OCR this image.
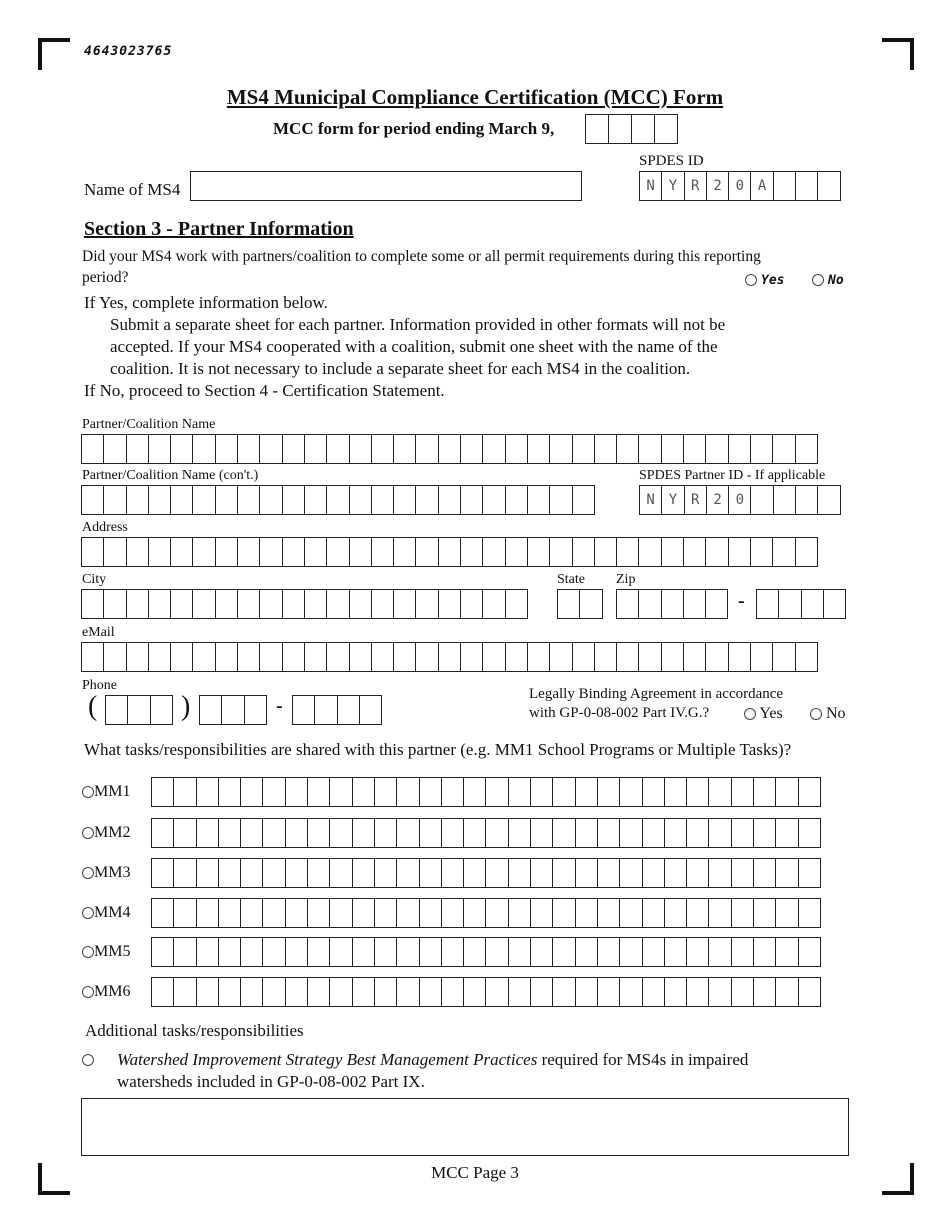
4643023765
MS4 Municipal Compliance Certification (MCC) Form
MCC form for period ending March 9,
SPDES ID
N Y R 2 0 A
Name of MS4
Section 3 - Partner Information
Did your MS4 work with partners/coalition to complete some or all permit requirements during this reporting
period?	Yes	No
If Yes, complete information below.
Submit a separate sheet for each partner. Information provided in other formats will not be
accepted. If your MS4 cooperated with a coalition, submit one sheet with the name of the
coalition. It is not necessary to include a separate sheet for each MS4 in the coalition.
If No, proceed to Section 4 - Certification Statement.
Partner/Coalition Name
Partner/Coalition Name (con't.)	SPDES Partner ID - If applicable
N Y R 2 0
Address
City	State Zip
-
eMail
Phone
(	)	-
Legally Binding Agreement in accordance
with GP-0-08-002 Part IV.G.?	Yes	No
What tasks/responsibilities are shared with this partner (e.g. MM1 School Programs or Multiple Tasks)?
MM1
MM2
MM3
MM4
MM5
MM6
Additional tasks/responsibilities
Watershed Improvement Strategy Best Management Practices required for MS4s in impaired
watersheds included in GP-0-08-002 Part IX.
MCC Page 3
